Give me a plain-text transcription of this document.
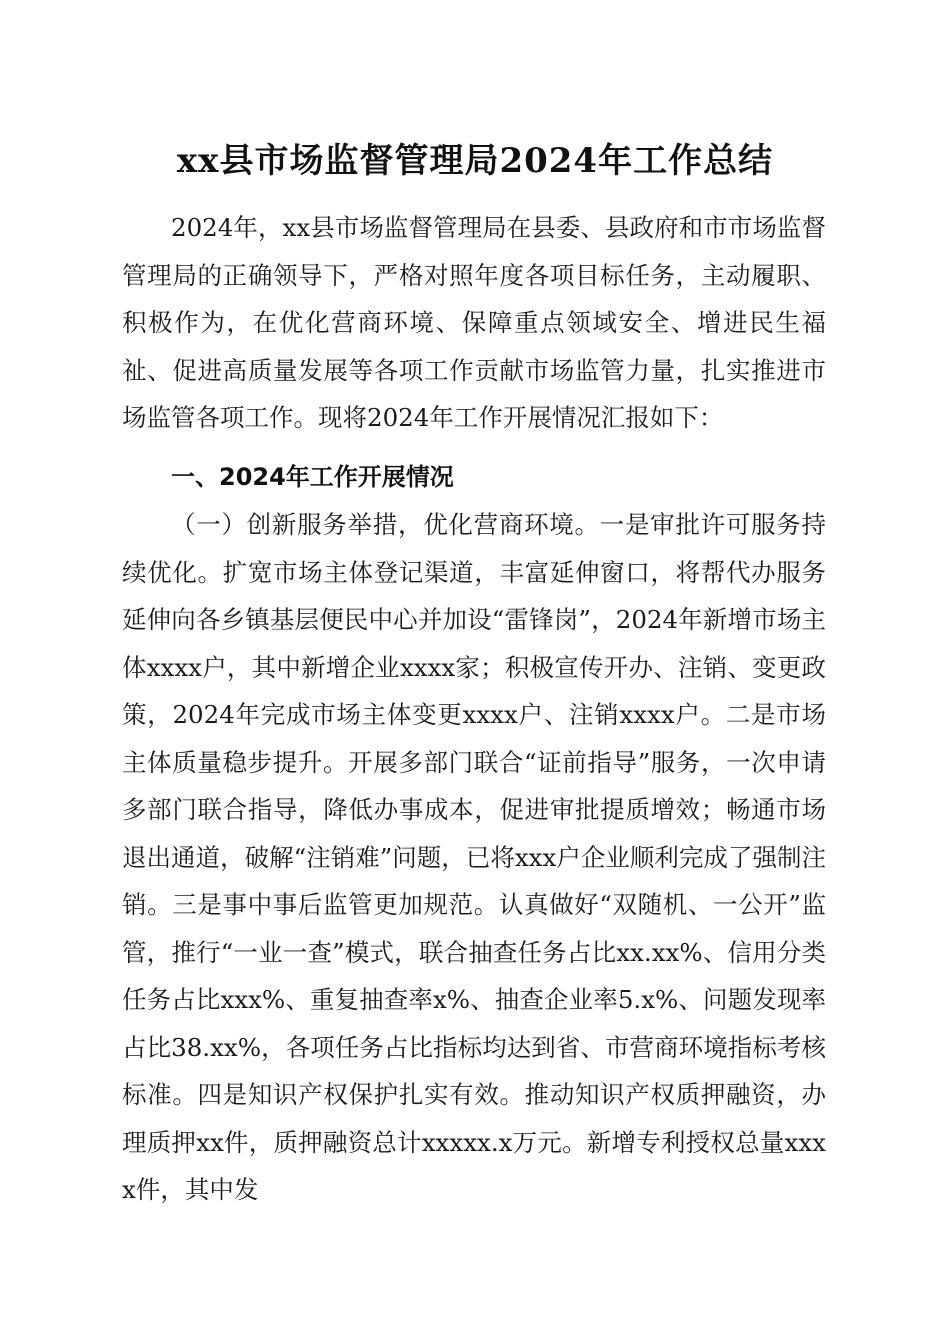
xx县市场监督管理局2024年工作总结

2024年，xx县市场监督管理局在县委、县政府和市市场监督管理局的正确领导下，严格对照年度各项目标任务，主动履职、积极作为，在优化营商环境、保障重点领域安全、增进民生福祉、促进高质量发展等各项工作贡献市场监管力量，扎实推进市场监管各项工作。现将2024年工作开展情况汇报如下：

一、2024年工作开展情况

（一）创新服务举措，优化营商环境。一是审批许可服务持续优化。扩宽市场主体登记渠道，丰富延伸窗口，将帮代办服务延伸向各乡镇基层便民中心并加设“雷锋岗”，2024年新增市场主体xxxx户，其中新增企业xxxx家；积极宣传开办、注销、变更政策，2024年完成市场主体变更xxxx户、注销xxxx户。二是市场主体质量稳步提升。开展多部门联合“证前指导”服务，一次申请多部门联合指导，降低办事成本，促进审批提质增效；畅通市场退出通道，破解“注销难”问题，已将xxx户企业顺利完成了强制注销。三是事中事后监管更加规范。认真做好“双随机、一公开”监管，推行“一业一查”模式，联合抽查任务占比xx.xx%、信用分类任务占比xxx%、重复抽查率x%、抽查企业率5.x%、问题发现率占比38.xx%，各项任务占比指标均达到省、市营商环境指标考核标准。四是知识产权保护扎实有效。推动知识产权质押融资，办理质押xx件，质押融资总计xxxxx.x万元。新增专利授权总量xxxx件，其中发
